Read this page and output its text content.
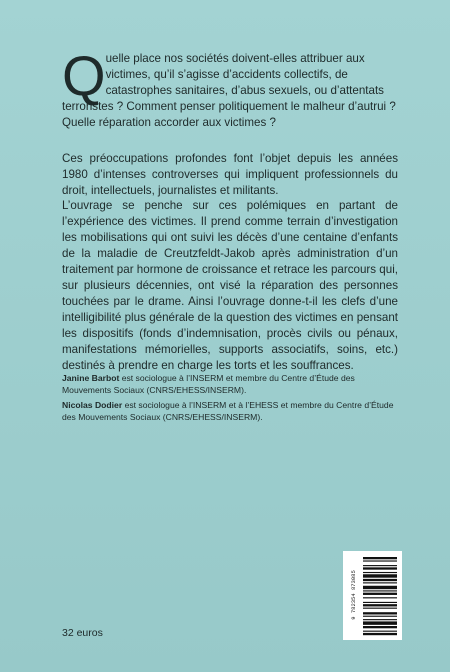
Q uelle place nos sociétés doivent-elles attribuer aux victimes, qu’il s’agisse d’accidents collectifs, de catastrophes sanitaires, d’abus sexuels, ou d’attentats terroristes ? Comment penser politiquement le malheur d’autrui ? Quelle réparation accorder aux victimes ?
Ces préoccupations profondes font l’objet depuis les années 1980 d’intenses controverses qui impliquent professionnels du droit, intellectuels, journalistes et militants.
L’ouvrage se penche sur ces polémiques en partant de l’expérience des victimes. Il prend comme terrain d’investigation les mobilisations qui ont suivi les décès d’une centaine d’enfants de la maladie de Creutzfeldt-Jakob après administration d’un traitement par hormone de croissance et retrace les parcours qui, sur plusieurs décennies, ont visé la réparation des personnes touchées par le drame. Ainsi l’ouvrage donne-t-il les clefs d’une intelligibilité plus générale de la question des victimes en pensant les dispositifs (fonds d’indemnisation, procès civils ou pénaux, manifestations mémorielles, supports associatifs, soins, etc.) destinés à prendre en charge les torts et les souffrances.
Janine Barbot est sociologue à l’INSERM et membre du Centre d’Étude des Mouvements Sociaux (CNRS/EHESS/INSERM).
Nicolas Dodier est sociologue à l’INSERM et à l’EHESS et membre du Centre d’Étude des Mouvements Sociaux (CNRS/EHESS/INSERM).
9 782354 873085
32 euros
